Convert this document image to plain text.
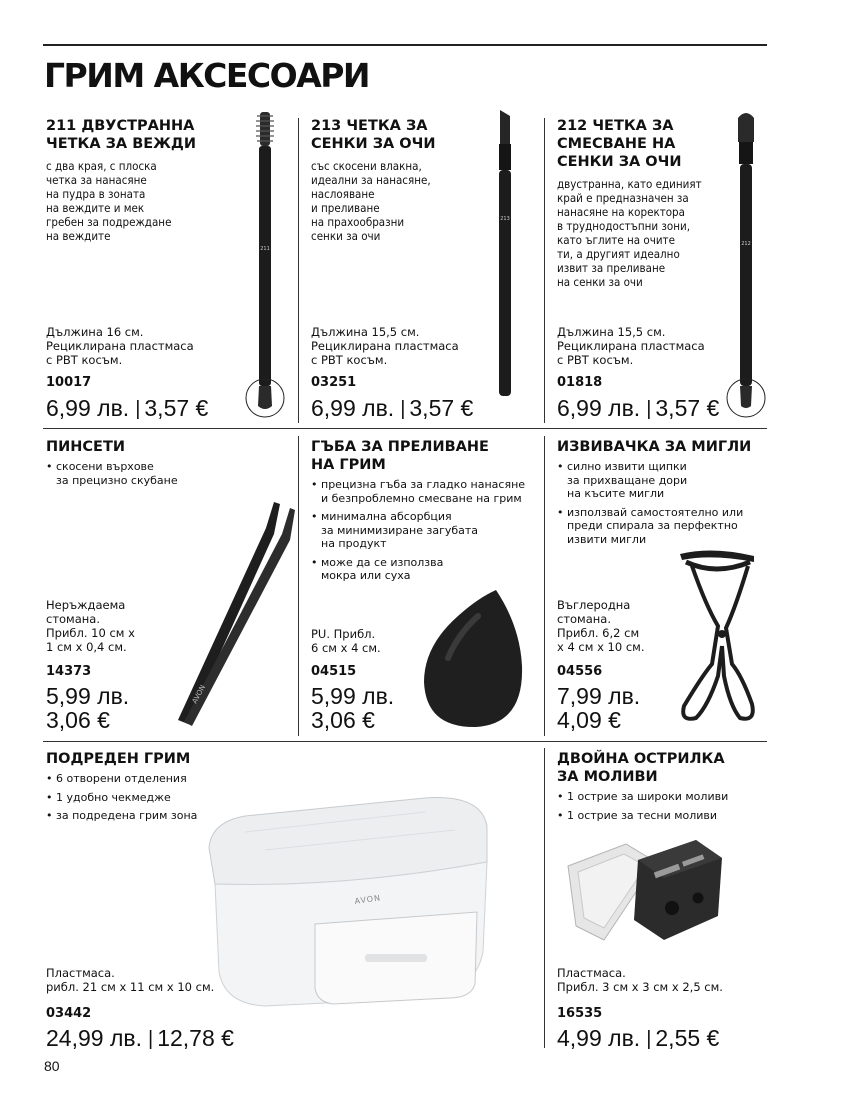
ГРИМ АКСЕСОАРИ
211 ДВУСТРАННА
ЧЕТКА ЗА ВЕЖДИ

с два края, с плоска
четка за нанасяне
на пудра в зоната
на веждите и мек
гребен за подреждане
на веждите

211
Дължина 16 см.
Рециклирана пластмаса
с PBT косъм.
10017
6,99 лв. | 3,57 €
213 ЧЕТКА ЗА
СЕНКИ ЗА ОЧИ

със скосени влакна,
идеални за нанасяне,
наслояване
и преливане
на прахообразни
сенки за очи

213
Дължина 15,5 см.
Рециклирана пластмаса
с PBT косъм.
03251
6,99 лв. | 3,57 €
212 ЧЕТКА ЗА
СМЕСВАНЕ НА
СЕНКИ ЗА ОЧИ

двустранна, като единият
край е предназначен за
нанасяне на коректора
в труднодостъпни зони,
като ъглите на очите
ти, а другият идеално
извит за преливане
на сенки за очи

212
Дължина 15,5 см.
Рециклирана пластмаса
с PBT косъм.
01818
6,99 лв. | 3,57 €
ПИНСЕТИ
• скосени върхове
за прецизно скубане
AVON
Неръждаема
стомана.
Прибл. 10 см х
1 см х 0,4 см.
14373
5,99 лв.
3,06 €
ГЪБА ЗА ПРЕЛИВАНЕ
НА ГРИМ
• прецизна гъба за гладко нанасяне
и безпроблемно смесване на грим
• минимална абсорбция
за минимизиране загубата
на продукт
• може да се използва
мокра или суха
PU. Прибл.
6 см х 4 см.
04515
5,99 лв.
3,06 €
ИЗВИВАЧКА ЗА МИГЛИ
• силно извити щипки
за прихващане дори
на късите мигли
• използвай самостоятелно или
преди спирала за перфектно
извити мигли
Въглеродна
стомана.
Прибл. 6,2 см
х 4 см х 10 см.
04556
7,99 лв.
4,09 €
ПОДРЕДЕН ГРИМ
• 6 отворени отделения
• 1 удобно чекмедже
• за подредена грим зона
AVON
Пластмаса.
рибл. 21 см х 11 см х 10 см.
03442
24,99 лв. | 12,78 €
ДВОЙНА ОСТРИЛКА
ЗА МОЛИВИ
• 1 острие за широки моливи
• 1 острие за тесни моливи
Пластмаса.
Прибл. 3 см х 3 см х 2,5 см.
16535
4,99 лв. | 2,55 €
80
